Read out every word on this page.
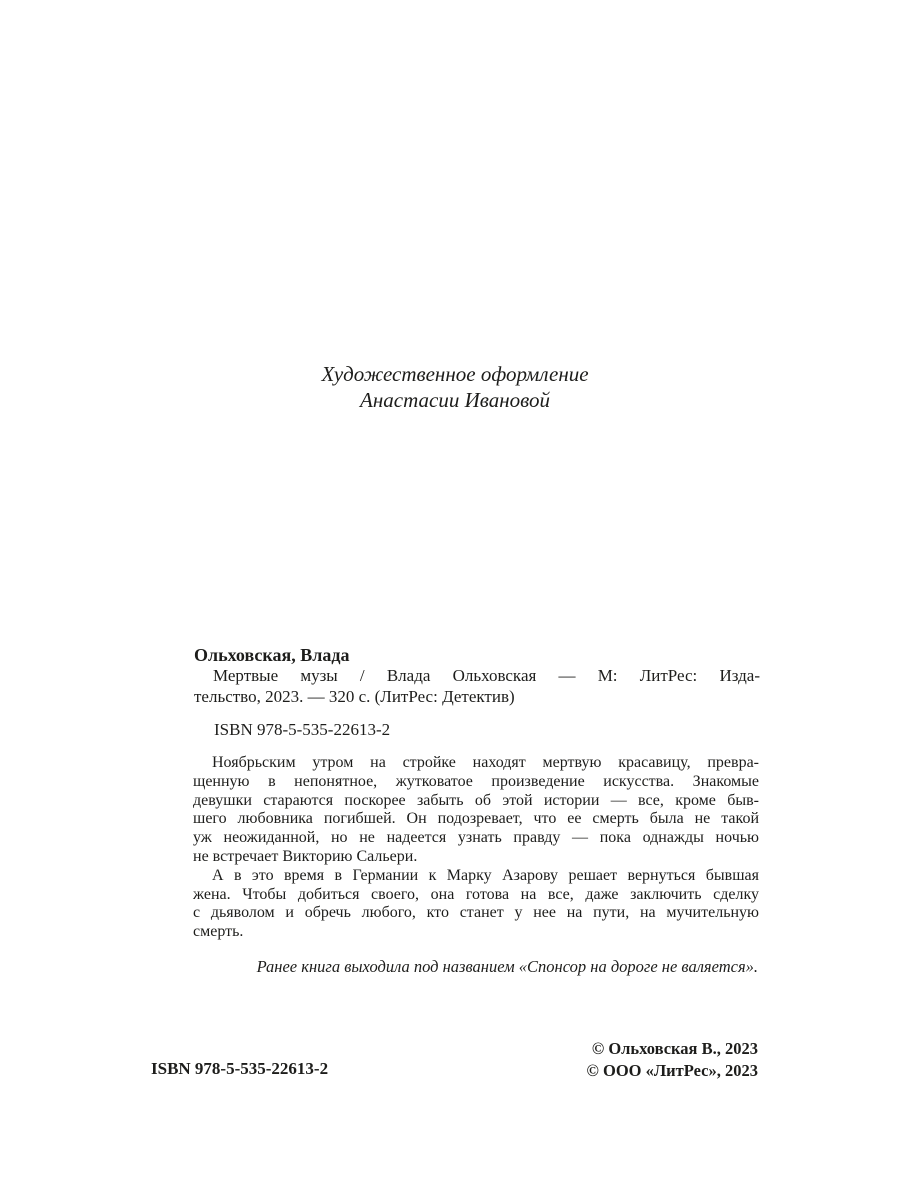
Художественное оформление
Анастасии Ивановой
Ольховская, Влада
Мертвые музы / Влада Ольховская — М: ЛитРес: Изда-
тельство, 2023. — 320 с. (ЛитРес: Детектив)
ISBN 978-5-535-22613-2
Ноябрьским утром на стройке находят мертвую красавицу, превра-
щенную в непонятное, жутковатое произведение искусства. Знакомые
девушки стараются поскорее забыть об этой истории — все, кроме быв-
шего любовника погибшей. Он подозревает, что ее смерть была не такой
уж неожиданной, но не надеется узнать правду — пока однажды ночью
не встречает Викторию Сальери.
А в это время в Германии к Марку Азарову решает вернуться бывшая
жена. Чтобы добиться своего, она готова на все, даже заключить сделку
с дьяволом и обречь любого, кто станет у нее на пути, на мучительную
смерть.
Ранее книга выходила под названием «Спонсор на дороге не валяется».
ISBN 978-5-535-22613-2
© Ольховская В., 2023
© ООО «ЛитРес», 2023
